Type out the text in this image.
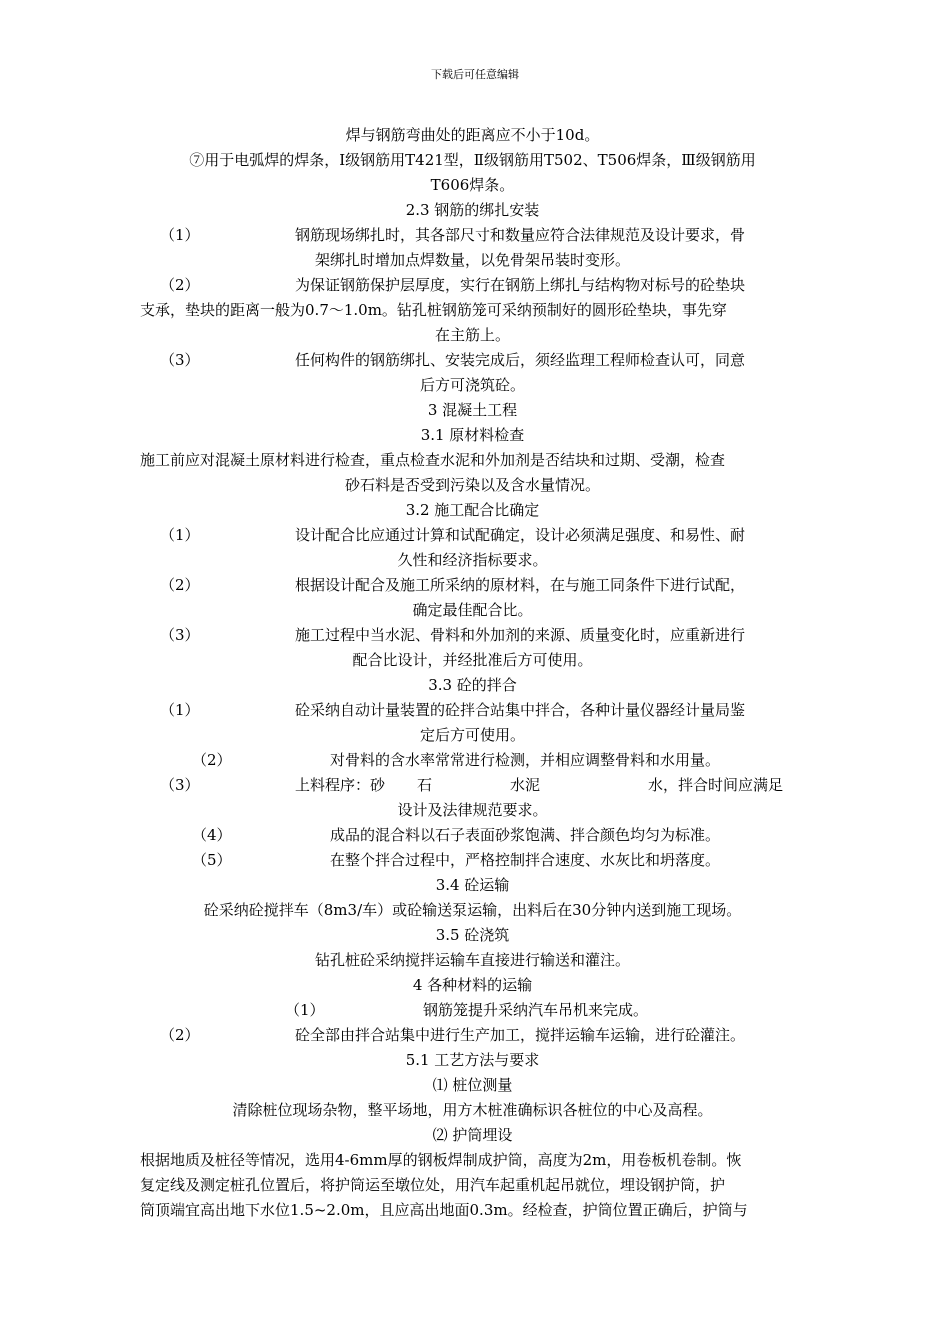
下载后可任意编辑
焊与钢筋弯曲处的距离应不小于10d。
⑦用于电弧焊的焊条，Ⅰ级钢筋用T421型，Ⅱ级钢筋用T502、T506焊条，Ⅲ级钢筋用
T606焊条。
2.3 钢筋的绑扎安装
（1）	钢筋现场绑扎时，其各部尺寸和数量应符合法律规范及设计要求，骨
架绑扎时增加点焊数量，以免骨架吊装时变形。
（2）	为保证钢筋保护层厚度，实行在钢筋上绑扎与结构物对标号的砼垫块
支承，垫块的距离一般为0.7～1.0m。钻孔桩钢筋笼可采纳预制好的圆形砼垫块，事先穿
在主筋上。
（3）	任何构件的钢筋绑扎、安装完成后，须经监理工程师检查认可，同意
后方可浇筑砼。
3 混凝土工程
3.1 原材料检查
施工前应对混凝土原材料进行检查，重点检查水泥和外加剂是否结块和过期、受潮，检查
砂石料是否受到污染以及含水量情况。
3.2 施工配合比确定
（1）	设计配合比应通过计算和试配确定，设计必须满足强度、和易性、耐
久性和经济指标要求。
（2）	根据设计配合及施工所采纳的原材料，在与施工同条件下进行试配，
确定最佳配合比。
（3）	施工过程中当水泥、骨料和外加剂的来源、质量变化时，应重新进行
配合比设计，并经批准后方可使用。
3.3 砼的拌合
（1）	砼采纳自动计量装置的砼拌合站集中拌合，各种计量仪器经计量局鉴
定后方可使用。
（2）	对骨料的含水率常常进行检测，并相应调整骨料和水用量。
（3）	上料程序：砂 石	水泥	水，拌合时间应满足
设计及法律规范要求。
（4）	成品的混合料以石子表面砂浆饱满、拌合颜色均匀为标准。
（5）	在整个拌合过程中，严格控制拌合速度、水灰比和坍落度。
3.4 砼运输
砼采纳砼搅拌车（8m3/车）或砼输送泵运输，出料后在30分钟内送到施工现场。
3.5 砼浇筑
钻孔桩砼采纳搅拌运输车直接进行输送和灌注。
4 各种材料的运输
（1）	钢筋笼提升采纳汽车吊机来完成。
（2）	砼全部由拌合站集中进行生产加工，搅拌运输车运输，进行砼灌注。
5.1 工艺方法与要求
⑴ 桩位测量
清除桩位现场杂物，整平场地，用方木桩准确标识各桩位的中心及高程。
⑵ 护筒埋设
根据地质及桩径等情况，选用4-6mm厚的钢板焊制成护筒，高度为2m，用卷板机卷制。恢
复定线及测定桩孔位置后，将护筒运至墩位处，用汽车起重机起吊就位，埋设钢护筒，护
筒顶端宜高出地下水位1.5~2.0m，且应高出地面0.3m。经检查，护筒位置正确后，护筒与
